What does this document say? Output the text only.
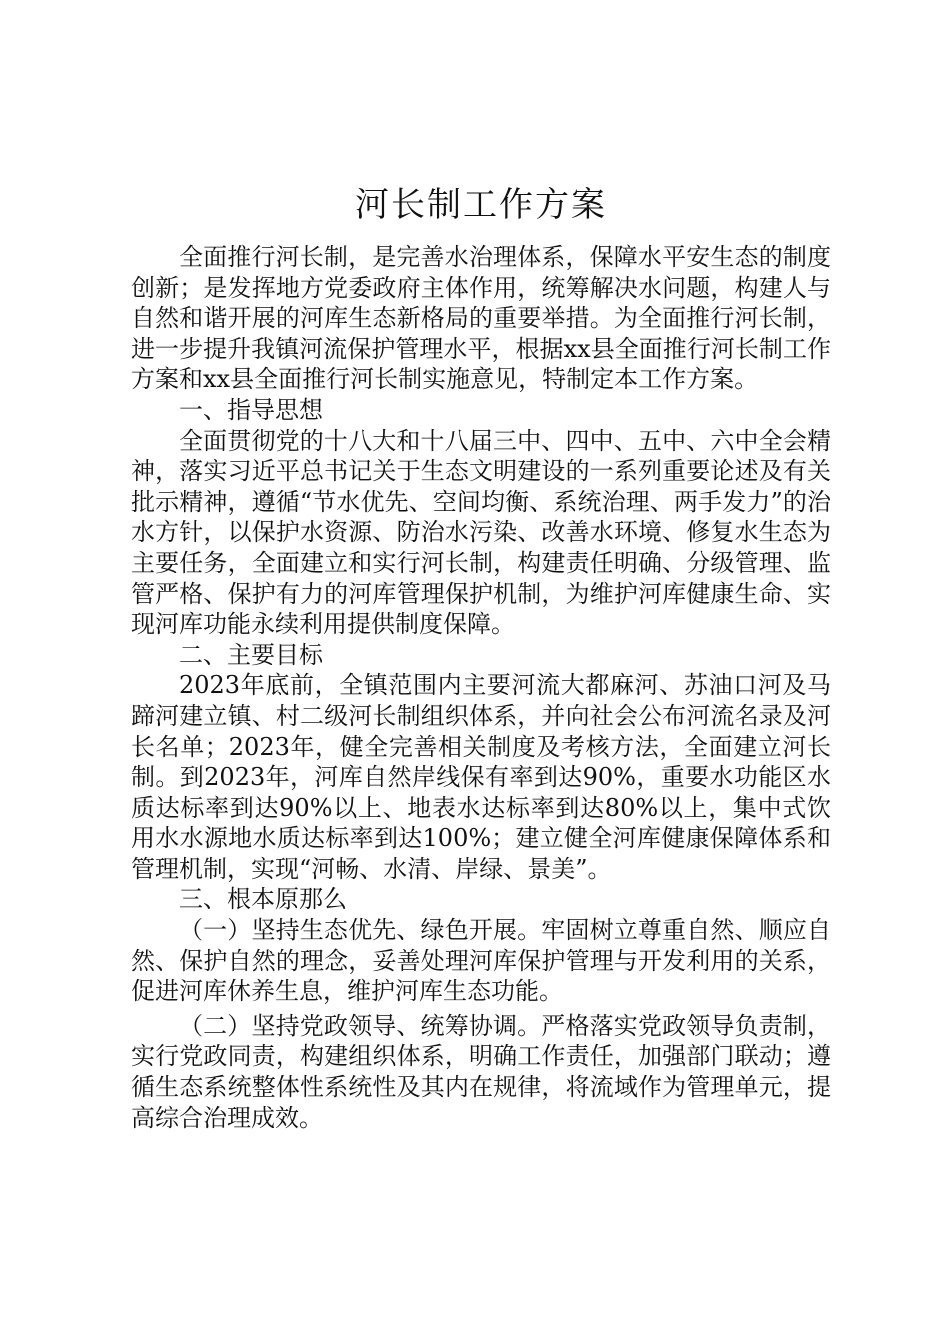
河长制工作方案

全面推行河长制，是完善水治理体系，保障水平安生态的制度创新；是发挥地方党委政府主体作用，统筹解决水问题，构建人与自然和谐开展的河库生态新格局的重要举措。为全面推行河长制，进一步提升我镇河流保护管理水平，根据xx县全面推行河长制工作方案和xx县全面推行河长制实施意见，特制定本工作方案。

一、指导思想

全面贯彻党的十八大和十八届三中、四中、五中、六中全会精神，落实习近平总书记关于生态文明建设的一系列重要论述及有关批示精神，遵循“节水优先、空间均衡、系统治理、两手发力”的治水方针，以保护水资源、防治水污染、改善水环境、修复水生态为主要任务，全面建立和实行河长制，构建责任明确、分级管理、监管严格、保护有力的河库管理保护机制，为维护河库健康生命、实现河库功能永续利用提供制度保障。

二、主要目标

2023年底前，全镇范围内主要河流大都麻河、苏油口河及马蹄河建立镇、村二级河长制组织体系，并向社会公布河流名录及河长名单；2023年，健全完善相关制度及考核方法，全面建立河长制。到2023年，河库自然岸线保有率到达90%，重要水功能区水质达标率到达90%以上、地表水达标率到达80%以上，集中式饮用水水源地水质达标率到达100%；建立健全河库健康保障体系和管理机制，实现“河畅、水清、岸绿、景美”。

三、根本原那么

（一）坚持生态优先、绿色开展。牢固树立尊重自然、顺应自然、保护自然的理念，妥善处理河库保护管理与开发利用的关系，促进河库休养生息，维护河库生态功能。

（二）坚持党政领导、统筹协调。严格落实党政领导负责制，实行党政同责，构建组织体系，明确工作责任，加强部门联动；遵循生态系统整体性系统性及其内在规律，将流域作为管理单元，提高综合治理成效。
